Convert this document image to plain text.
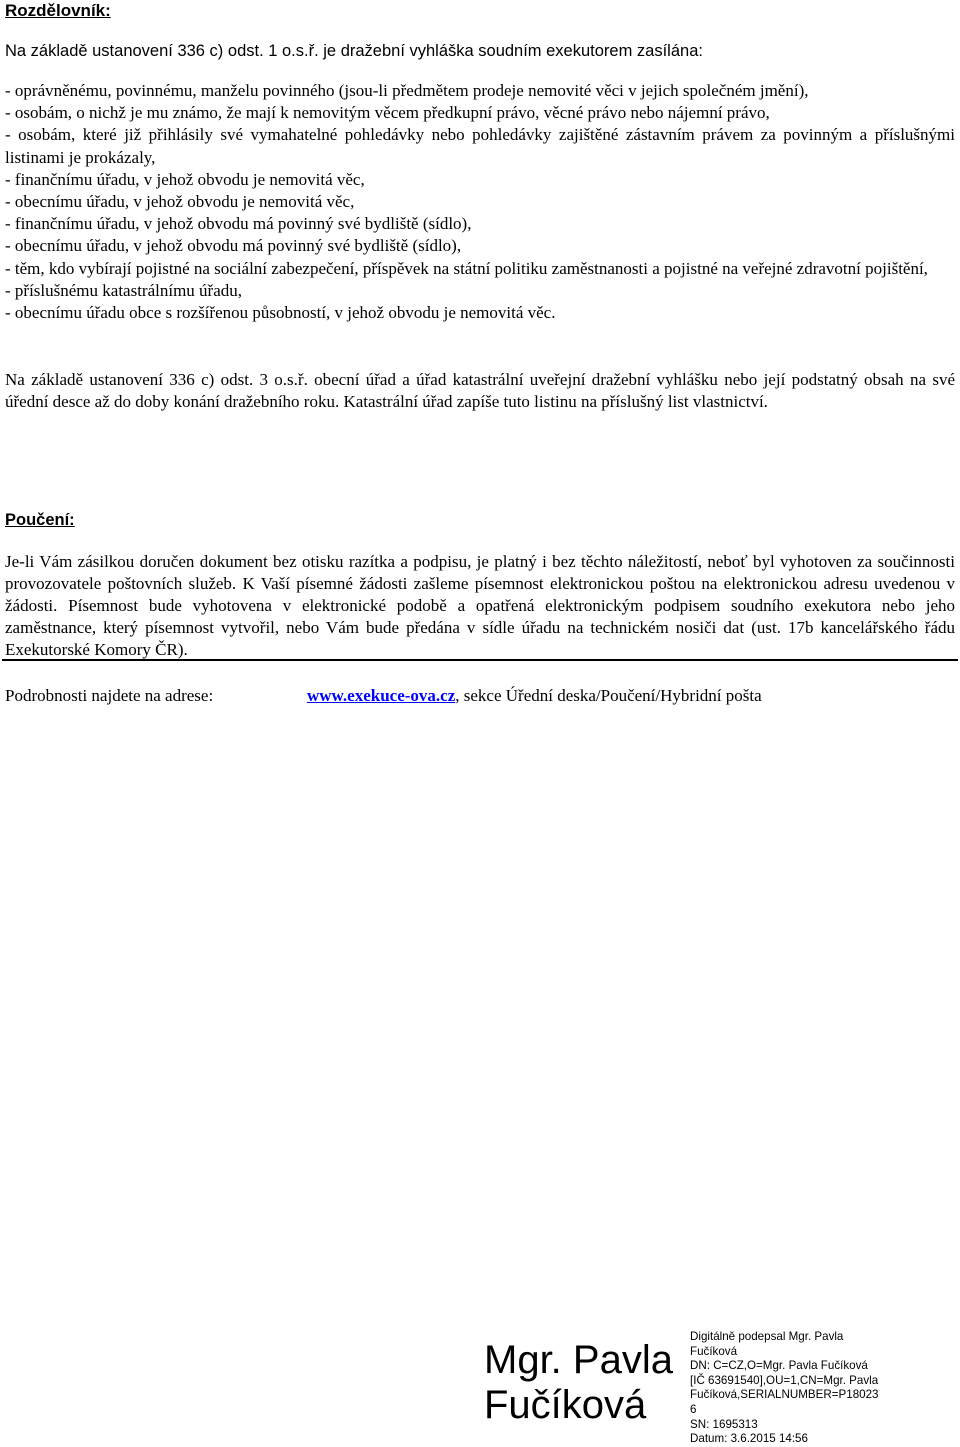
Rozdělovník:
Na základě ustanovení 336 c) odst. 1 o.s.ř. je dražební vyhláška soudním exekutorem zasílána:
- oprávněnému, povinnému, manželu povinného (jsou-li předmětem prodeje nemovité věci v jejich společném jmění),
- osobám, o nichž je mu známo, že mají k nemovitým věcem předkupní právo, věcné právo nebo nájemní právo,
- osobám, které již přihlásily své vymahatelné pohledávky nebo pohledávky zajištěné zástavním právem za povinným a příslušnými listinami je prokázaly,
- finančnímu úřadu, v jehož obvodu je nemovitá věc,
- obecnímu úřadu, v jehož obvodu je nemovitá věc,
- finančnímu úřadu, v jehož obvodu má povinný své bydliště (sídlo),
- obecnímu úřadu, v jehož obvodu má povinný své bydliště (sídlo),
- těm, kdo vybírají pojistné na sociální zabezpečení, příspěvek na státní politiku zaměstnanosti a pojistné na veřejné zdravotní pojištění,
- příslušnému katastrálnímu úřadu,
- obecnímu úřadu obce s rozšířenou působností, v jehož obvodu je nemovitá věc.

Na základě ustanovení 336 c) odst. 3 o.s.ř. obecní úřad a úřad katastrální uveřejní dražební vyhlášku nebo její podstatný obsah na své úřední desce až do doby konání dražebního roku. Katastrální úřad zapíše tuto listinu na příslušný list vlastnictví.

Poučení:

Je-li Vám zásilkou doručen dokument bez otisku razítka a podpisu, je platný i bez těchto náležitostí, neboť byl vyhotoven za součinnosti provozovatele poštovních služeb. K Vaší písemné žádosti zašleme písemnost elektronickou poštou na elektronickou adresu uvedenou v žádosti. Písemnost bude vyhotovena v elektronické podobě a opatřená elektronickým podpisem soudního exekutora nebo jeho zaměstnance, který písemnost vytvořil, nebo Vám bude předána v sídle úřadu na technickém nosiči dat (ust. 17b kancelářského řádu Exekutorské Komory ČR).

Podrobnosti najdete na adrese:	www.exekuce-ova.cz, sekce Úřední deska/Poučení/Hybridní pošta
Mgr. Pavla
Fučíková
Digitálně podepsal Mgr. Pavla
Fučíková
DN: C=CZ,O=Mgr. Pavla Fučíková
[IČ 63691540],OU=1,CN=Mgr. Pavla
Fučíková,SERIALNUMBER=P18023
6
SN: 1695313
Datum: 3.6.2015 14:56
